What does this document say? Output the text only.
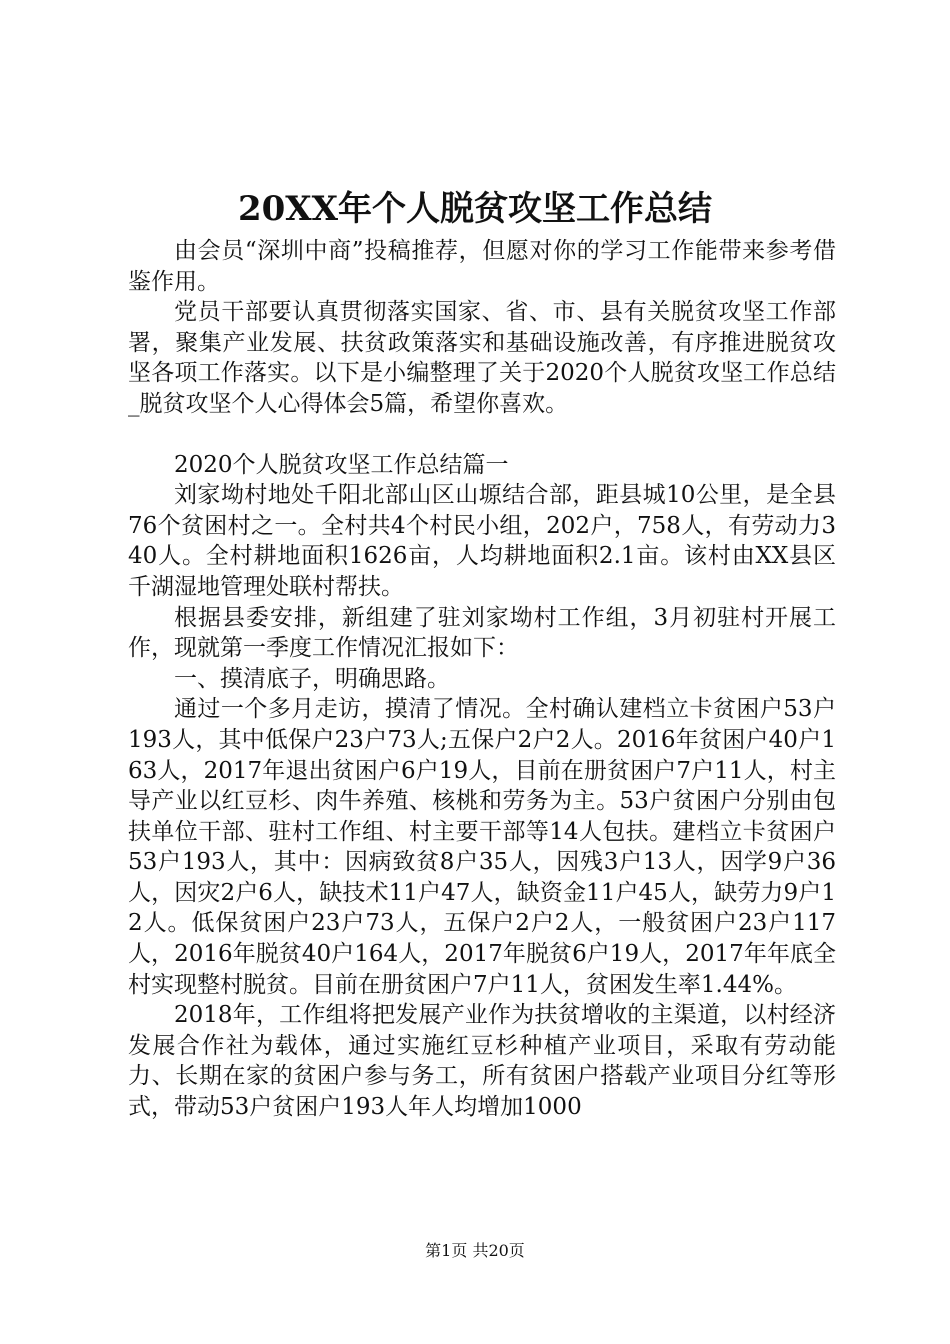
20XX年个人脱贫攻坚工作总结

由会员“深圳中商”投稿推荐，但愿对你的学习工作能带来参考借鉴作用。

党员干部要认真贯彻落实国家、省、市、县有关脱贫攻坚工作部署，聚集产业发展、扶贫政策落实和基础设施改善，有序推进脱贫攻坚各项工作落实。以下是小编整理了关于2020个人脱贫攻坚工作总结_脱贫攻坚个人心得体会5篇，希望你喜欢。

2020个人脱贫攻坚工作总结篇一

刘家坳村地处千阳北部山区山塬结合部，距县城10公里，是全县76个贫困村之一。全村共4个村民小组，202户，758人，有劳动力340人。全村耕地面积1626亩，人均耕地面积2.1亩。该村由XX县区千湖湿地管理处联村帮扶。

根据县委安排，新组建了驻刘家坳村工作组，3月初驻村开展工作，现就第一季度工作情况汇报如下：

一、摸清底子，明确思路。

通过一个多月走访，摸清了情况。全村确认建档立卡贫困户53户193人，其中低保户23户73人;五保户2户2人。2016年贫困户40户163人，2017年退出贫困户6户19人，目前在册贫困户7户11人，村主导产业以红豆杉、肉牛养殖、核桃和劳务为主。53户贫困户分别由包扶单位干部、驻村工作组、村主要干部等14人包扶。建档立卡贫困户53户193人，其中：因病致贫8户35人，因残3户13人，因学9户36人，因灾2户6人，缺技术11户47人，缺资金11户45人，缺劳力9户12人。低保贫困户23户73人，五保户2户2人，一般贫困户23户117人，2016年脱贫40户164人，2017年脱贫6户19人，2017年年底全村实现整村脱贫。目前在册贫困户7户11人，贫困发生率1.44%。

2018年，工作组将把发展产业作为扶贫增收的主渠道，以村经济发展合作社为载体，通过实施红豆杉种植产业项目，采取有劳动能力、长期在家的贫困户参与务工，所有贫困户搭载产业项目分红等形式，带动53户贫困户193人年人均增加1000

第1页 共20页
